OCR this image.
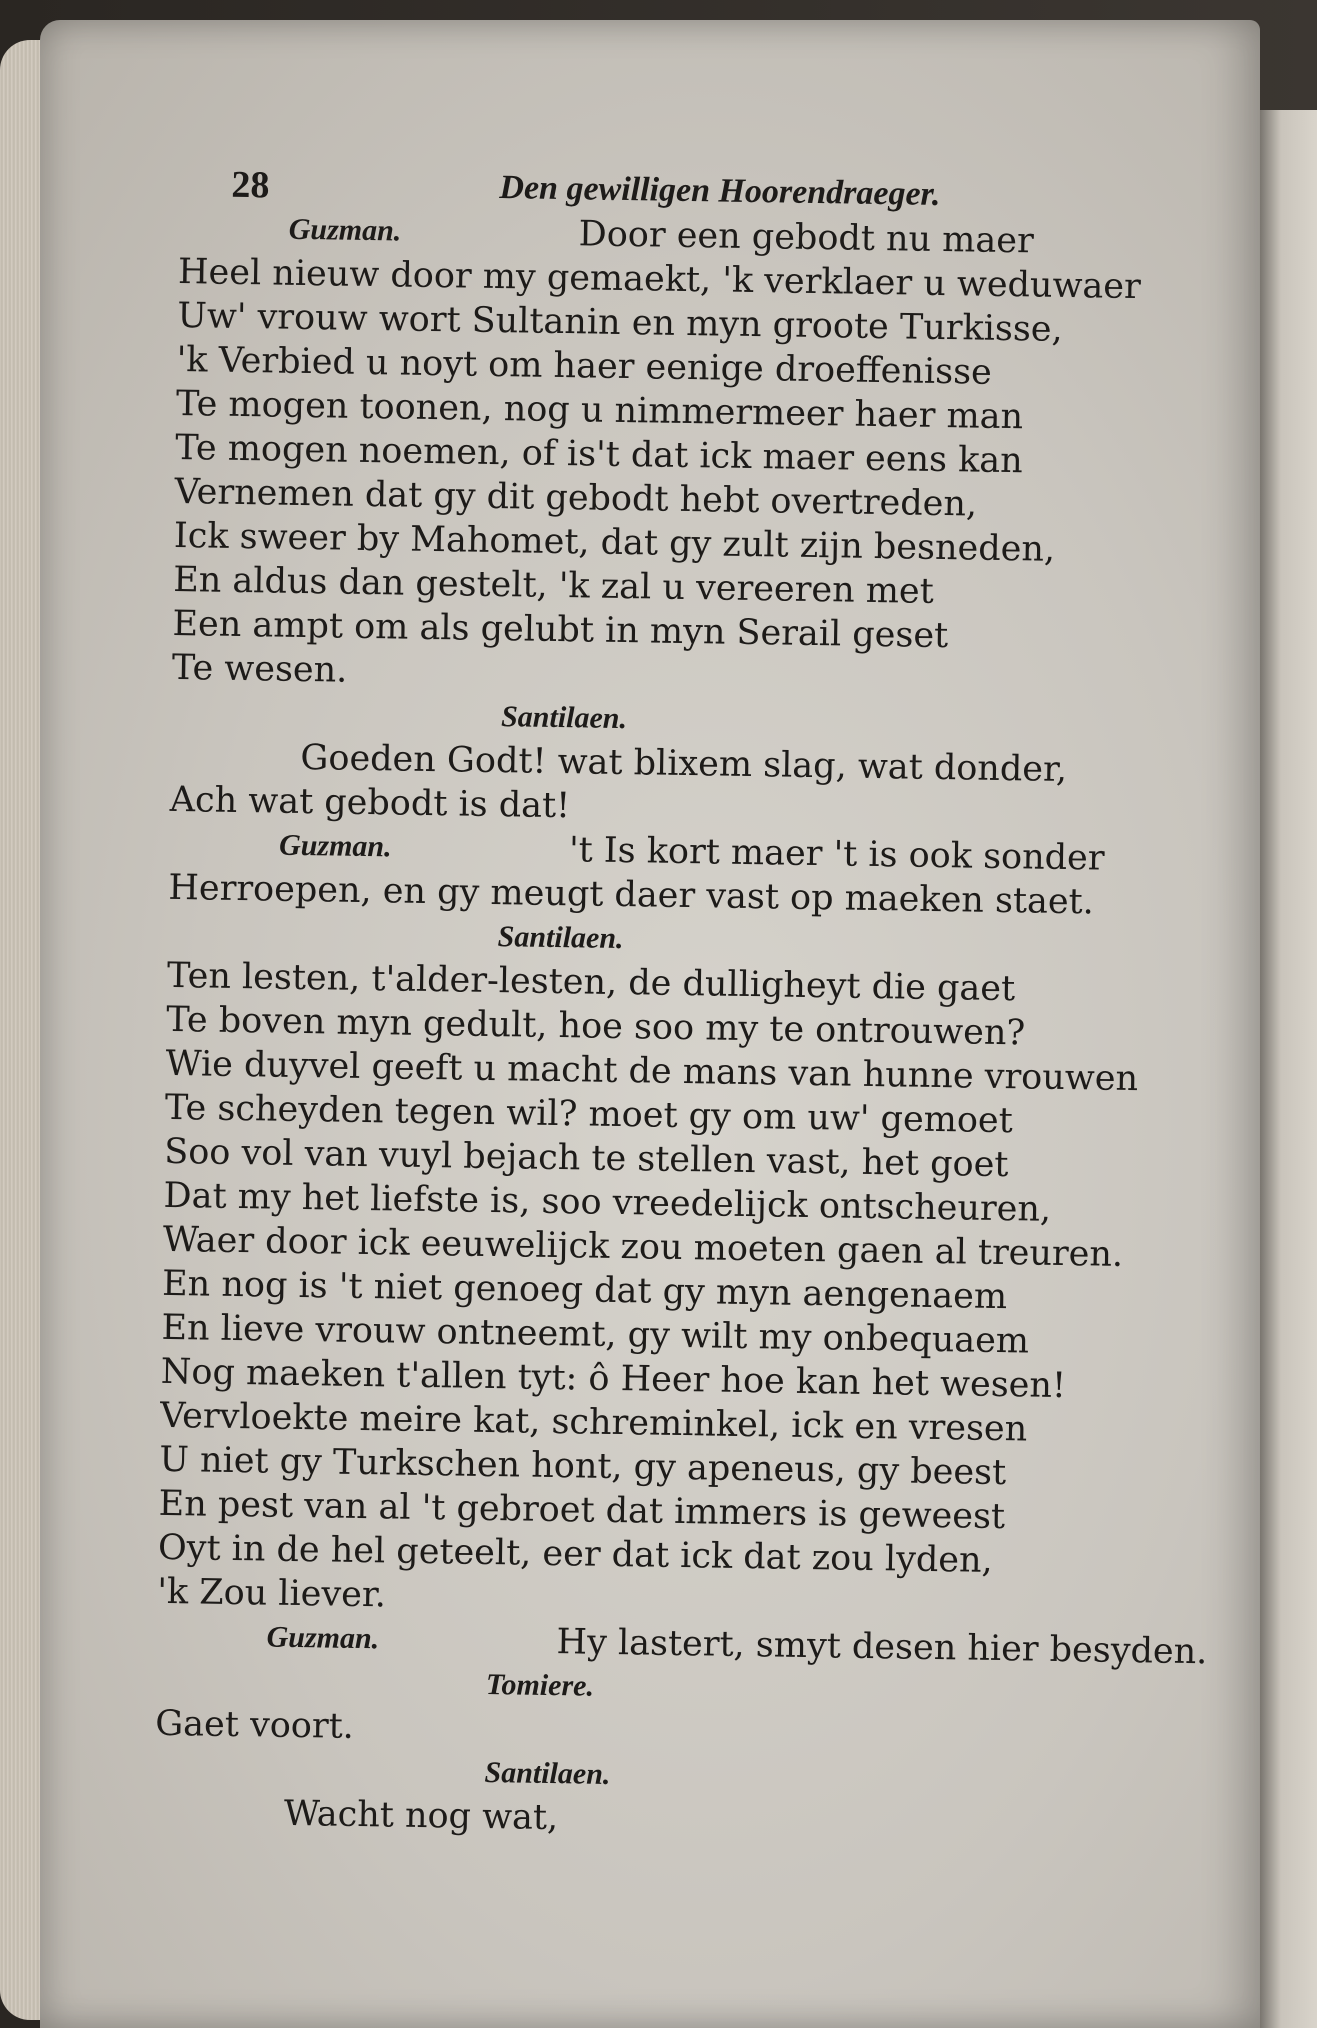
28	Den gewilligen Hoorendraeger.
Guzman.	Door een gebodt nu maer
Heel nieuw door my gemaekt, 'k verklaer u weduwaer
Uw' vrouw wort Sultanin en myn groote Turkisse,
'k Verbied u noyt om haer eenige droeffenisse
Te mogen toonen, nog u nimmermeer haer man
Te mogen noemen, of is't dat ick maer eens kan
Vernemen dat gy dit gebodt hebt overtreden,
Ick sweer by Mahomet, dat gy zult zijn besneden,
En aldus dan gestelt, 'k zal u vereeren met
Een ampt om als gelubt in myn Serail geset
Te wesen.
Santilaen.
Goeden Godt! wat blixem slag, wat donder,
Ach wat gebodt is dat!
Guzman.	't Is kort maer 't is ook sonder
Herroepen, en gy meugt daer vast op maeken staet.
Santilaen.
Ten lesten, t'alder-lesten, de dulligheyt die gaet
Te boven myn gedult, hoe soo my te ontrouwen?
Wie duyvel geeft u macht de mans van hunne vrouwen
Te scheyden tegen wil? moet gy om uw' gemoet
Soo vol van vuyl bejach te stellen vast, het goet
Dat my het liefste is, soo vreedelijck ontscheuren,
Waer door ick eeuwelijck zou moeten gaen al treuren.
En nog is 't niet genoeg dat gy myn aengenaem
En lieve vrouw ontneemt, gy wilt my onbequaem
Nog maeken t'allen tyt: ô Heer hoe kan het wesen!
Vervloekte meire kat, schreminkel, ick en vresen
U niet gy Turkschen hont, gy apeneus, gy beest
En pest van al 't gebroet dat immers is geweest
Oyt in de hel geteelt, eer dat ick dat zou lyden,
'k Zou liever.
Guzman.	Hy lastert, smyt desen hier besyden.
Tomiere.
Gaet voort.
Santilaen.
Wacht nog wat,
